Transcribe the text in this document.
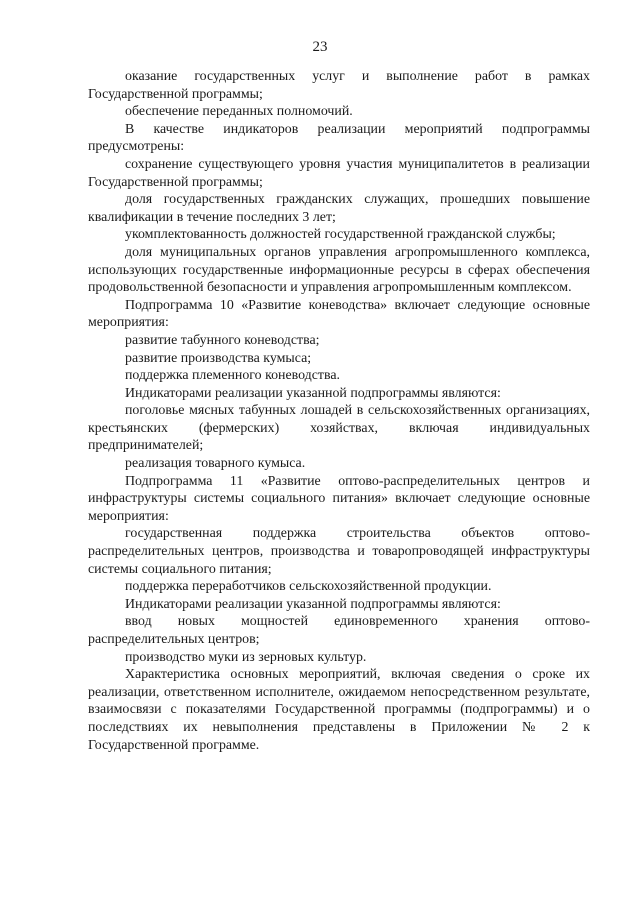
23

оказание государственных услуг и выполнение работ в рамках Государственной программы;

обеспечение переданных полномочий.

В качестве индикаторов реализации мероприятий подпрограммы предусмотрены:

сохранение существующего уровня участия муниципалитетов в реализации Государственной программы;

доля государственных гражданских служащих, прошедших повышение квалификации в течение последних 3 лет;

укомплектованность должностей государственной гражданской службы;

доля муниципальных органов управления агропромышленного комплекса, использующих государственные информационные ресурсы в сферах обеспечения продовольственной безопасности и управления агропромышленным комплексом.

Подпрограмма 10 «Развитие коневодства» включает следующие основные мероприятия:

развитие табунного коневодства;

развитие производства кумыса;

поддержка племенного коневодства.

Индикаторами реализации указанной подпрограммы являются:

поголовье мясных табунных лошадей в сельскохозяйственных организациях, крестьянских (фермерских) хозяйствах, включая индивидуальных предпринимателей;

реализация товарного кумыса.

Подпрограмма 11 «Развитие оптово-распределительных центров и инфраструктуры системы социального питания» включает следующие основные мероприятия:

государственная поддержка строительства объектов оптово-распределительных центров, производства и товаропроводящей инфраструктуры системы социального питания;

поддержка переработчиков сельскохозяйственной продукции.

Индикаторами реализации указанной подпрограммы являются:

ввод новых мощностей единовременного хранения оптово-распределительных центров;

производство муки из зерновых культур.

Характеристика основных мероприятий, включая сведения о сроке их реализации, ответственном исполнителе, ожидаемом непосредственном результате, взаимосвязи с показателями Государственной программы (подпрограммы) и о последствиях их невыполнения представлены в Приложении № 2 к Государственной программе.
